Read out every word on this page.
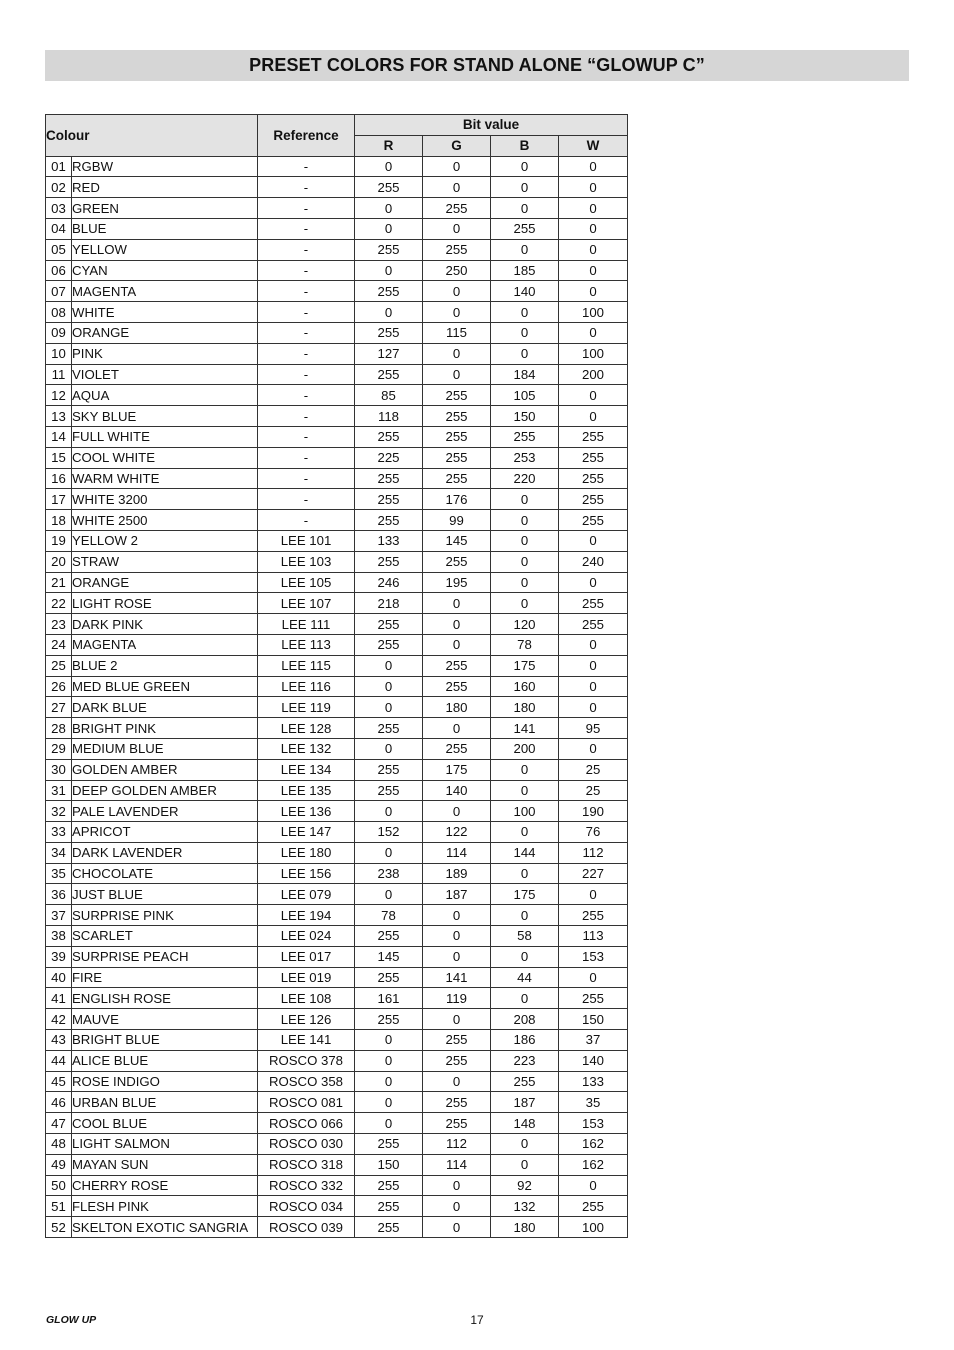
PRESET COLORS FOR STAND ALONE “GLOWUP C”
Colour		Reference	Bit value			
			R	G	B	W
01	RGBW	-	0	0	0	0
02	RED	-	255	0	0	0
03	GREEN	-	0	255	0	0
04	BLUE	-	0	0	255	0
05	YELLOW	-	255	255	0	0
06	CYAN	-	0	250	185	0
07	MAGENTA	-	255	0	140	0
08	WHITE	-	0	0	0	100
09	ORANGE	-	255	115	0	0
10	PINK	-	127	0	0	100
11	VIOLET	-	255	0	184	200
12	AQUA	-	85	255	105	0
13	SKY BLUE	-	118	255	150	0
14	FULL WHITE	-	255	255	255	255
15	COOL WHITE	-	225	255	253	255
16	WARM WHITE	-	255	255	220	255
17	WHITE 3200	-	255	176	0	255
18	WHITE 2500	-	255	99	0	255
19	YELLOW 2	LEE 101	133	145	0	0
20	STRAW	LEE 103	255	255	0	240
21	ORANGE	LEE 105	246	195	0	0
22	LIGHT ROSE	LEE 107	218	0	0	255
23	DARK PINK	LEE 111	255	0	120	255
24	MAGENTA	LEE 113	255	0	78	0
25	BLUE 2	LEE 115	0	255	175	0
26	MED BLUE GREEN	LEE 116	0	255	160	0
27	DARK BLUE	LEE 119	0	180	180	0
28	BRIGHT PINK	LEE 128	255	0	141	95
29	MEDIUM BLUE	LEE 132	0	255	200	0
30	GOLDEN AMBER	LEE 134	255	175	0	25
31	DEEP GOLDEN AMBER	LEE 135	255	140	0	25
32	PALE LAVENDER	LEE 136	0	0	100	190
33	APRICOT	LEE 147	152	122	0	76
34	DARK LAVENDER	LEE 180	0	114	144	112
35	CHOCOLATE	LEE 156	238	189	0	227
36	JUST BLUE	LEE 079	0	187	175	0
37	SURPRISE PINK	LEE 194	78	0	0	255
38	SCARLET	LEE 024	255	0	58	113
39	SURPRISE PEACH	LEE 017	145	0	0	153
40	FIRE	LEE 019	255	141	44	0
41	ENGLISH ROSE	LEE 108	161	119	0	255
42	MAUVE	LEE 126	255	0	208	150
43	BRIGHT BLUE	LEE 141	0	255	186	37
44	ALICE BLUE	ROSCO 378	0	255	223	140
45	ROSE INDIGO	ROSCO 358	0	0	255	133
46	URBAN BLUE	ROSCO 081	0	255	187	35
47	COOL BLUE	ROSCO 066	0	255	148	153
48	LIGHT SALMON	ROSCO 030	255	112	0	162
49	MAYAN SUN	ROSCO 318	150	114	0	162
50	CHERRY ROSE	ROSCO 332	255	0	92	0
51	FLESH PINK	ROSCO 034	255	0	132	255
52	SKELTON EXOTIC SANGRIA	ROSCO 039	255	0	180	100
GLOW UP	17
